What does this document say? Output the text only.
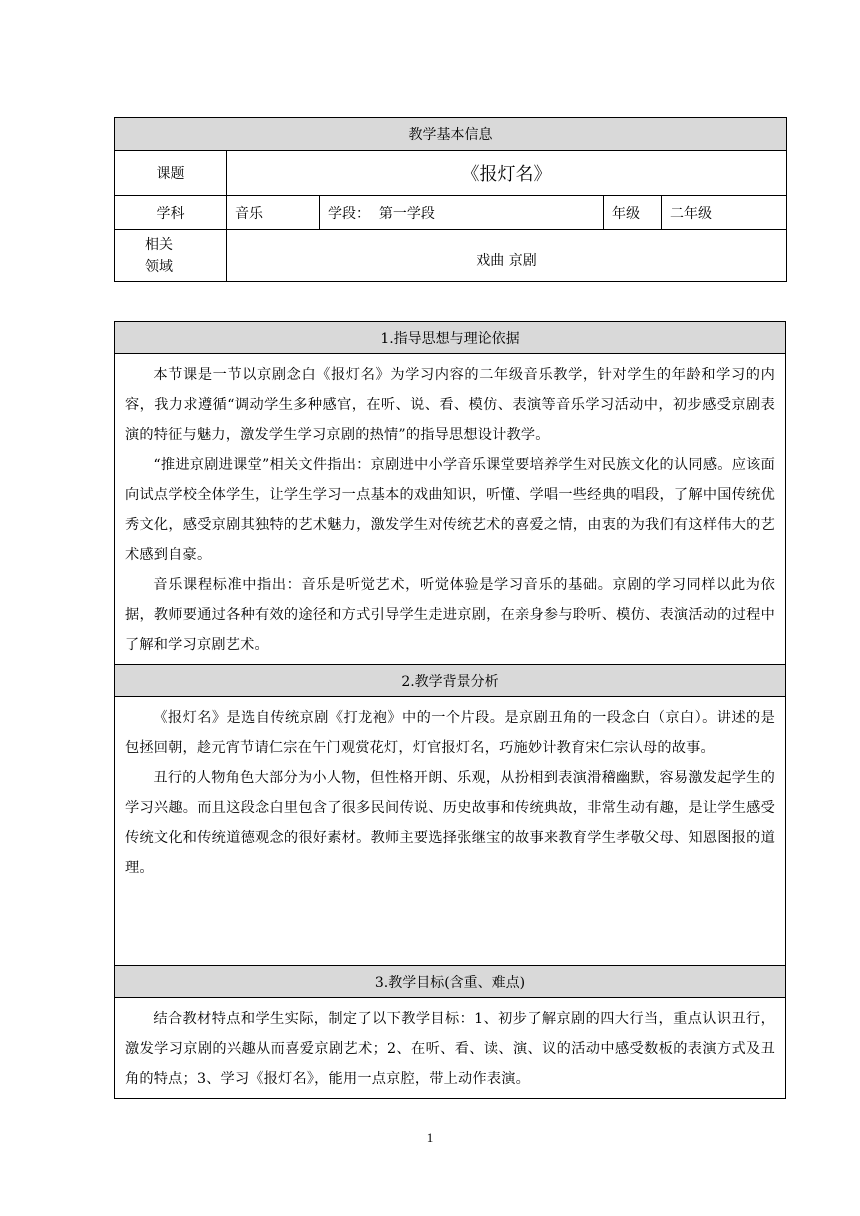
教学基本信息				
课题	《报灯名》			
学科	音乐	学段： 第一学段	年级	二年级

相关
领域	戏曲 京剧			
1.指导思想与理论依据

本节课是一节以京剧念白《报灯名》为学习内容的二年级音乐教学，针对学生的年龄和学习的内容，我力求遵循“调动学生多种感官，在听、说、看、模仿、表演等音乐学习活动中，初步感受京剧表演的特征与魅力，激发学生学习京剧的热情”的指导思想设计教学。

“推进京剧进课堂”相关文件指出：京剧进中小学音乐课堂要培养学生对民族文化的认同感。应该面向试点学校全体学生，让学生学习一点基本的戏曲知识，听懂、学唱一些经典的唱段，了解中国传统优秀文化，感受京剧其独特的艺术魅力，激发学生对传统艺术的喜爱之情，由衷的为我们有这样伟大的艺术感到自豪。

音乐课程标准中指出：音乐是听觉艺术，听觉体验是学习音乐的基础。京剧的学习同样以此为依据，教师要通过各种有效的途径和方式引导学生走进京剧，在亲身参与聆听、模仿、表演活动的过程中了解和学习京剧艺术。

2.教学背景分析

《报灯名》是选自传统京剧《打龙袍》中的一个片段。是京剧丑角的一段念白（京白）。讲述的是包拯回朝，趁元宵节请仁宗在午门观赏花灯，灯官报灯名，巧施妙计教育宋仁宗认母的故事。

丑行的人物角色大部分为小人物，但性格开朗、乐观，从扮相到表演滑稽幽默，容易激发起学生的学习兴趣。而且这段念白里包含了很多民间传说、历史故事和传统典故，非常生动有趣，是让学生感受传统文化和传统道德观念的很好素材。教师主要选择张继宝的故事来教育学生孝敬父母、知恩图报的道理。

3.教学目标(含重、难点)

结合教材特点和学生实际，制定了以下教学目标：1、初步了解京剧的四大行当，重点认识丑行，激发学习京剧的兴趣从而喜爱京剧艺术；2、在听、看、读、演、议的活动中感受数板的表演方式及丑角的特点；3、学习《报灯名》，能用一点京腔，带上动作表演。

1
